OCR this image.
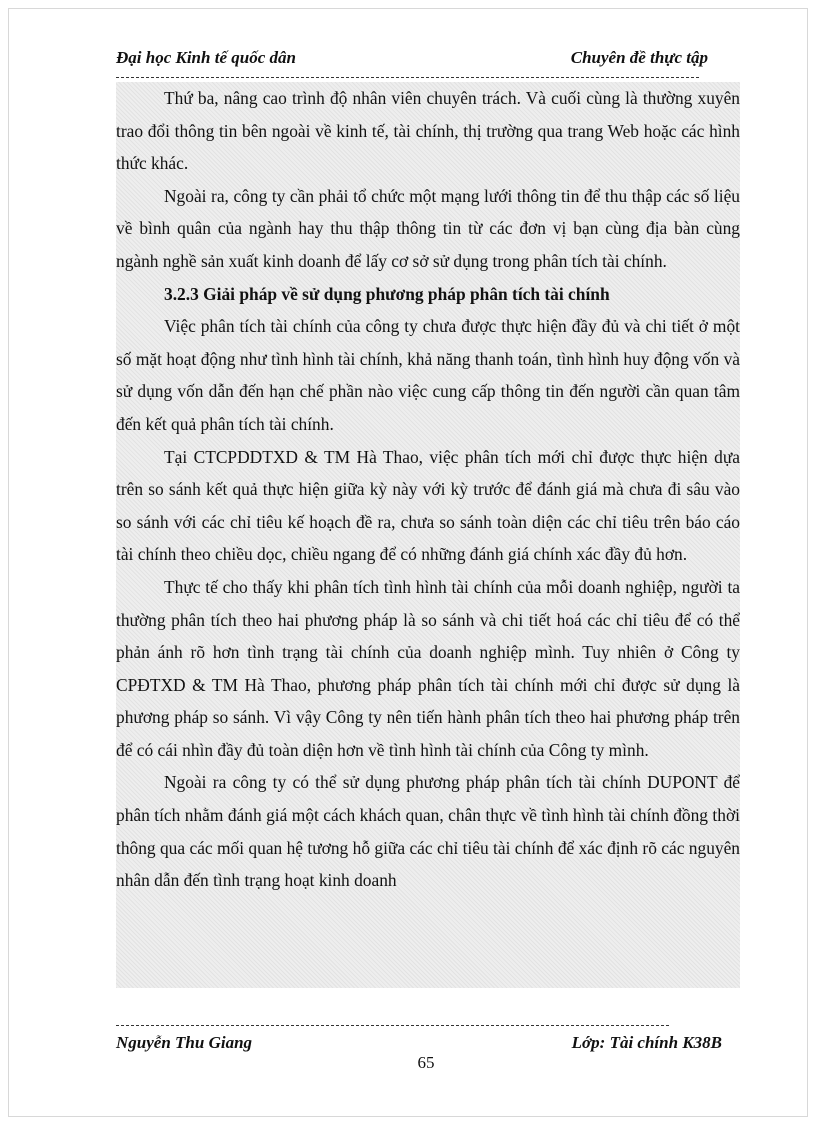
Đại học Kinh tế quốc dân	Chuyên đề thực tập

Thứ ba, nâng cao trình độ nhân viên chuyên trách. Và cuối cùng là thường xuyên trao đổi thông tin bên ngoài về kinh tế, tài chính, thị trường qua trang Web hoặc các hình thức khác.

Ngoài ra, công ty cần phải tổ chức một mạng lưới thông tin để thu thập các số liệu về bình quân của ngành hay thu thập thông tin từ các đơn vị bạn cùng địa bàn cùng ngành nghề sản xuất kinh doanh để lấy cơ sở sử dụng trong phân tích tài chính.

3.2.3 Giải pháp về sử dụng phương pháp phân tích tài chính

Việc phân tích tài chính của công ty chưa được thực hiện đầy đủ và chi tiết ở một số mặt hoạt động như tình hình tài chính, khả năng thanh toán, tình hình huy động vốn và sử dụng vốn dẫn đến hạn chế phần nào việc cung cấp thông tin đến người cần quan tâm đến kết quả phân tích tài chính.

Tại CTCPDDTXD & TM Hà Thao, việc phân tích mới chỉ được thực hiện dựa trên so sánh kết quả thực hiện giữa kỳ này với kỳ trước để đánh giá mà chưa đi sâu vào so sánh với các chỉ tiêu kế hoạch đề ra, chưa so sánh toàn diện các chỉ tiêu trên báo cáo tài chính theo chiều dọc, chiều ngang để có những đánh giá chính xác đầy đủ hơn.

Thực tế cho thấy khi phân tích tình hình tài chính của mỗi doanh nghiệp, người ta thường phân tích theo hai phương pháp là so sánh và chi tiết hoá các chỉ tiêu để có thể phản ánh rõ hơn tình trạng tài chính của doanh nghiệp mình. Tuy nhiên ở Công ty CPĐTXD & TM Hà Thao, phương pháp phân tích tài chính mới chỉ được sử dụng là phương pháp so sánh. Vì vậy Công ty nên tiến hành phân tích theo hai phương pháp trên để có cái nhìn đầy đủ toàn diện hơn về tình hình tài chính của Công ty mình.

Ngoài ra công ty có thể sử dụng phương pháp phân tích tài chính DUPONT để phân tích nhằm đánh giá một cách khách quan, chân thực về tình hình tài chính đồng thời thông qua các mối quan hệ tương hỗ giữa các chỉ tiêu tài chính để xác định rõ các nguyên nhân dẫn đến tình trạng hoạt kinh doanh

Nguyễn Thu Giang	Lớp: Tài chính K38B
65
